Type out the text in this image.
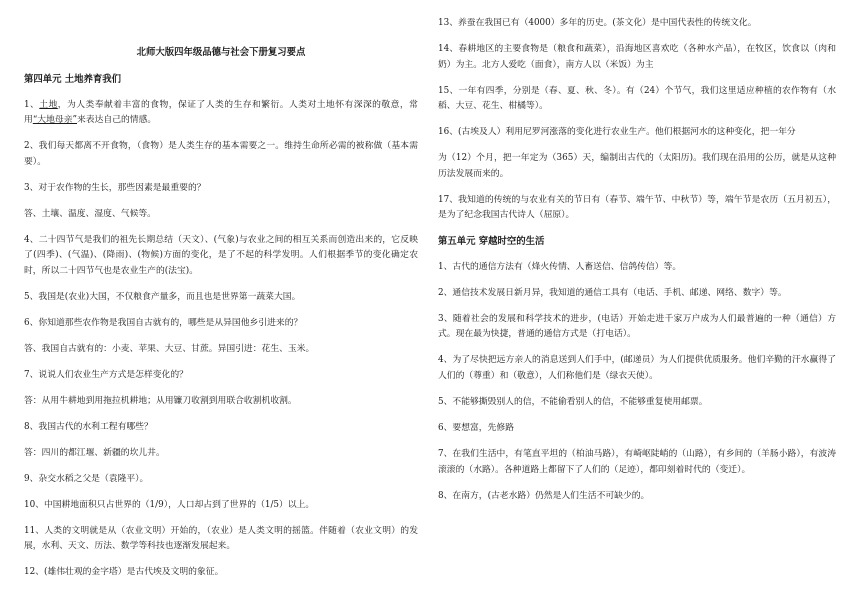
北师大版四年级品德与社会下册复习要点
第四单元 土地养育我们

1、土地，为人类奉献着丰富的食物，保证了人类的生存和繁衍。人类对土地怀有深深的敬意，常用“大地母亲”来表达自己的情感。

2、我们每天都离不开食物，（食物）是人类生存的基本需要之一。维持生命所必需的被称做（基本需要）。

3、对于农作物的生长，那些因素是最重要的？

答、土壤、温度、湿度、气候等。

4、二十四节气是我们的祖先长期总结（天文）、(气象)与农业之间的相互关系而创造出来的，它反映了(四季)、(气温)、(降雨)、(物候)方面的变化，是了不起的科学发明。人们根据季节的变化确定农时，所以二十四节气也是农业生产的(法宝)。

5、我国是(农业)大国，不仅粮食产量多，而且也是世界第一蔬菜大国。

6、你知道那些农作物是我国自古就有的，哪些是从异国他乡引进来的？

答、我国自古就有的：小麦、苹果、大豆、甘蔗。异国引进：花生、玉米。

7、说说人们农业生产方式是怎样变化的？

答：从用牛耕地到用拖拉机耕地；从用镰刀收割到用联合收割机收割。

8、我国古代的水利工程有哪些？

答：四川的都江堰、新疆的坎儿井。

9、杂交水稻之父是（袁隆平）。

10、中国耕地面积只占世界的（1/9），人口却占到了世界的（1/5）以上。

11、人类的文明就是从（农业文明）开始的，（农业）是人类文明的摇篮。伴随着（农业文明）的发展，水利、天文、历法、数学等科技也逐渐发展起来。

12、(雄伟壮观的金字塔）是古代埃及文明的象征。

13、养蚕在我国已有（4000）多年的历史。(茶文化）是中国代表性的传统文化。

14、春耕地区的主要食物是（粮食和蔬菜），沿海地区喜欢吃（各种水产品），在牧区，饮食以（肉和奶）为主。北方人爱吃（面食），南方人以（米饭）为主

15、一年有四季，分别是（春、夏、秋、冬）。有（24）个节气，我们这里适应种植的农作物有（水稻、大豆、花生、柑橘等）。

16、(古埃及人）利用尼罗河涨落的变化进行农业生产。他们根据河水的这种变化，把一年分

为（12）个月，把一年定为（365）天，编制出古代的（太阳历)。我们现在沿用的公历，就是从这种历法发展而来的。

17、我知道的传统的与农业有关的节日有（春节、端午节、中秋节）等，端午节是农历（五月初五），是为了纪念我国古代诗人（屈原）。

第五单元 穿越时空的生活

1、古代的通信方法有（烽火传情、人畜送信、信鸽传信）等。

2、通信技术发展日新月异，我知道的通信工具有（电话、手机、邮递、网络、数字）等。

3、随着社会的发展和科学技术的进步，(电话）开始走进千家万户成为人们最普遍的一种（通信）方式。现在最为快捷，普通的通信方式是（打电话）。

4、为了尽快把远方亲人的消息送到人们手中，(邮递员）为人们提供优质服务。他们辛勤的汗水赢得了人们的（尊重）和（敬意），人们称他们是（绿衣天使）。

5、不能够撕毁别人的信，不能偷看别人的信，不能够重复使用邮票。

6、要想富，先修路

7、在我们生活中，有笔直平坦的（柏油马路），有崎岖陡峭的（山路），有乡间的（羊肠小路），有波涛滚滚的（水路）。各种道路上都留下了人们的（足迹），都印刻着时代的（变迁）。

8、在南方，(古老水路）仍然是人们生活不可缺少的。
